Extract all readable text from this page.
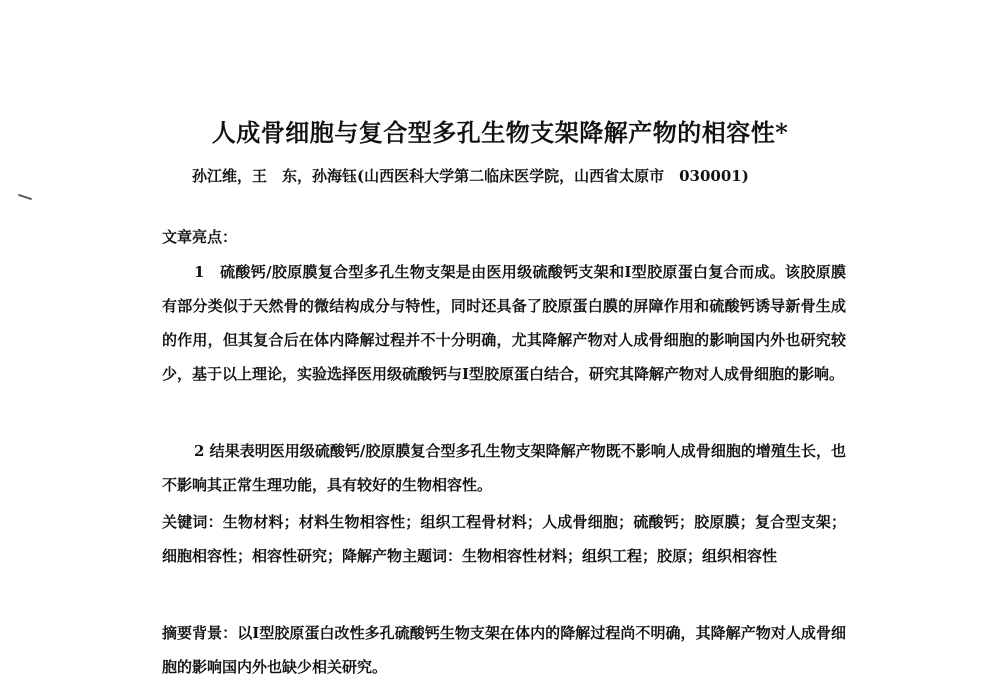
人成骨细胞与复合型多孔生物支架降解产物的相容性*
孙江维，王　东，孙海钰(山西医科大学第二临床医学院，山西省太原市　030001)
文章亮点：

1　硫酸钙/胶原膜复合型多孔生物支架是由医用级硫酸钙支架和Ⅰ型胶原蛋白复合而成。该胶原膜有部分类似于天然骨的微结构成分与特性，同时还具备了胶原蛋白膜的屏障作用和硫酸钙诱导新骨生成的作用，但其复合后在体内降解过程并不十分明确，尤其降解产物对人成骨细胞的影响国内外也研究较少，基于以上理论，实验选择医用级硫酸钙与Ⅰ型胶原蛋白结合，研究其降解产物对人成骨细胞的影响。

2 结果表明医用级硫酸钙/胶原膜复合型多孔生物支架降解产物既不影响人成骨细胞的增殖生长，也不影响其正常生理功能，具有较好的生物相容性。

关键词：生物材料；材料生物相容性；组织工程骨材料；人成骨细胞；硫酸钙；胶原膜；复合型支架；细胞相容性；相容性研究；降解产物主题词：生物相容性材料；组织工程；胶原；组织相容性

摘要背景：以Ⅰ型胶原蛋白改性多孔硫酸钙生物支架在体内的降解过程尚不明确，其降解产物对人成骨细胞的影响国内外也缺少相关研究。
